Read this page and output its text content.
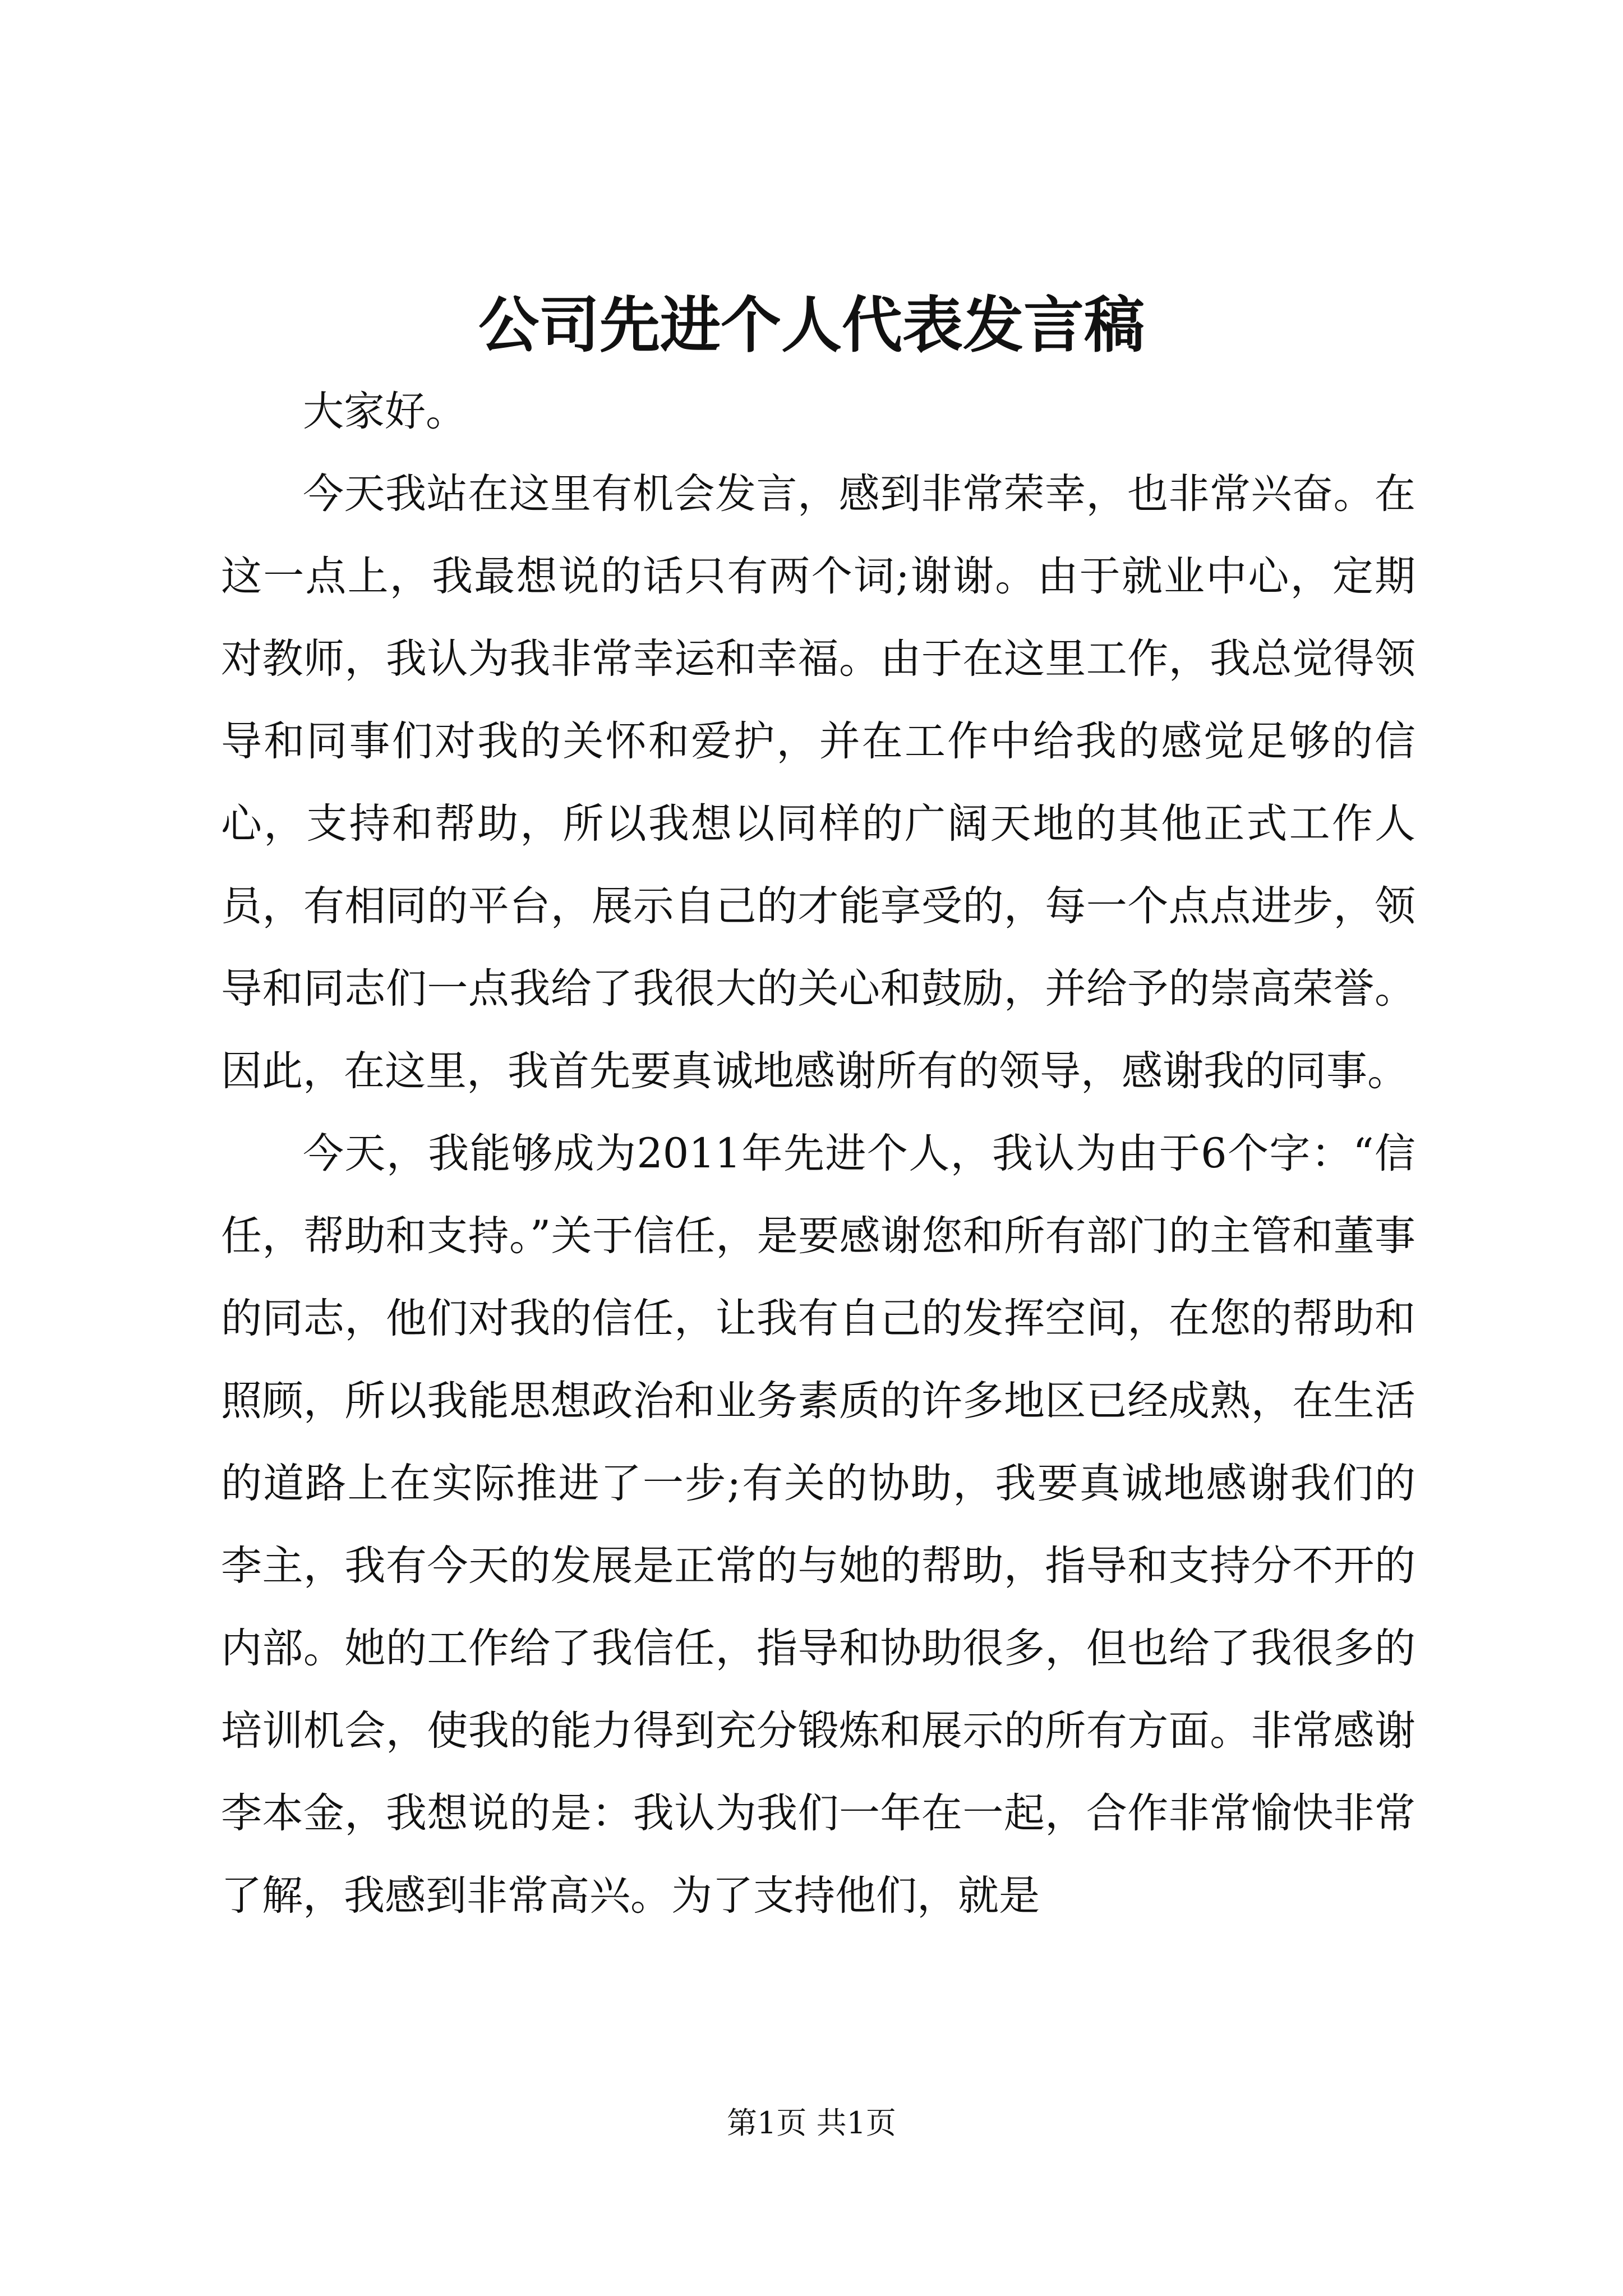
公司先进个人代表发言稿

大家好。

今天我站在这里有机会发言，感到非常荣幸，也非常兴奋。在这一点上，我最想说的话只有两个词;谢谢。由于就业中心，定期对教师，我认为我非常幸运和幸福。由于在这里工作，我总觉得领导和同事们对我的关怀和爱护，并在工作中给我的感觉足够的信心，支持和帮助，所以我想以同样的广阔天地的其他正式工作人员，有相同的平台，展示自己的才能享受的，每一个点点进步，领导和同志们一点我给了我很大的关心和鼓励，并给予的崇高荣誉。因此，在这里，我首先要真诚地感谢所有的领导，感谢我的同事。

今天，我能够成为2011年先进个人，我认为由于6个字：“信任，帮助和支持。”关于信任，是要感谢您和所有部门的主管和董事的同志，他们对我的信任，让我有自己的发挥空间，在您的帮助和照顾，所以我能思想政治和业务素质的许多地区已经成熟，在生活的道路上在实际推进了一步;有关的协助，我要真诚地感谢我们的李主，我有今天的发展是正常的与她的帮助，指导和支持分不开的内部。她的工作给了我信任，指导和协助很多，但也给了我很多的培训机会，使我的能力得到充分锻炼和展示的所有方面。非常感谢李本金，我想说的是：我认为我们一年在一起，合作非常愉快非常了解，我感到非常高兴。为了支持他们，就是

第1页 共1页
